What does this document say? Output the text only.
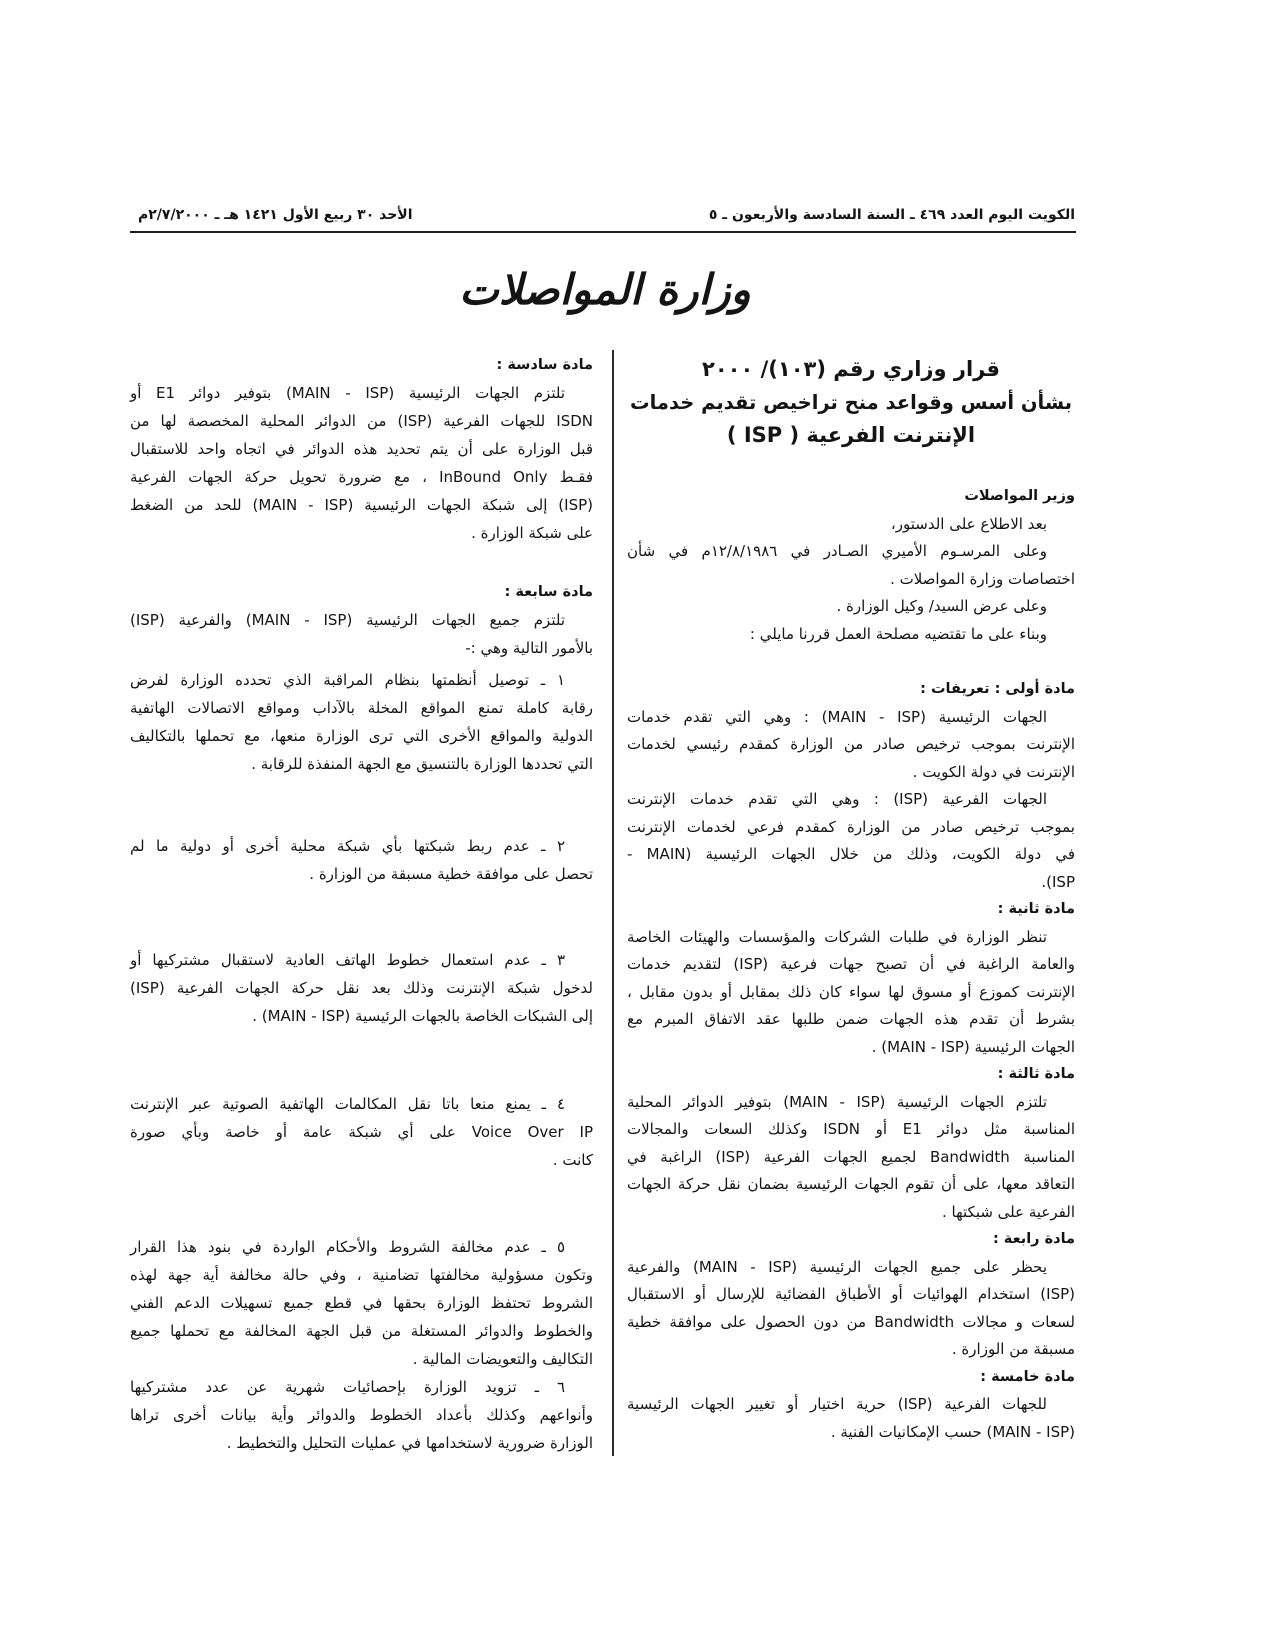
الكويت اليوم العدد ٤٦٩ ـ السنة السادسة والأربعون ـ ٥
الأحد ٣٠ ربيع الأول ١٤٢١ هـ ـ ٢/٧/٢٠٠٠م
وزارة المواصلات
قرار وزاري رقم (١٠٣)/ ٢٠٠٠
بشأن أسس وقواعد منح تراخيص تقديم خدمات
الإنترنت الفرعية ( ISP )
وزير المواصلات
بعد الاطلاع على الدستور،
وعلى المرسـوم الأميري الصـادر في ١٢/٨/١٩٨٦م في شأن
اختصاصات وزارة المواصلات .
وعلى عرض السيد/ وكيل الوزارة .
وبناء على ما تقتضيه مصلحة العمل قررنا مايلي :
مادة أولى : تعريفات :
الجهات الرئيسية (MAIN - ISP) : وهي التي تقدم خدمات
الإنترنت بموجب ترخيص صادر من الوزارة كمقدم رئيسي لخدمات
الإنترنت في دولة الكويت .
الجهات الفرعية (ISP) : وهي التي تقدم خدمات الإنترنت
بموجب ترخيص صادر من الوزارة كمقدم فرعي لخدمات الإنترنت
في دولة الكويت، وذلك من خلال الجهات الرئيسية (MAIN -
ISP).
مادة ثانية :
تنظر الوزارة في طلبات الشركات والمؤسسات والهيئات الخاصة
والعامة الراغبة في أن تصبح جهات فرعية (ISP) لتقديم خدمات
الإنترنت كموزع أو مسوق لها سواء كان ذلك بمقابل أو بدون مقابل ،
بشرط أن تقدم هذه الجهات ضمن طلبها عقد الاتفاق المبرم مع
الجهات الرئيسية (MAIN - ISP) .
مادة ثالثة :
تلتزم الجهات الرئيسية (MAIN - ISP) بتوفير الدوائر المحلية
المناسبة مثل دوائر E1 أو ISDN وكذلك السعات والمجالات
المناسبة Bandwidth لجميع الجهات الفرعية (ISP) الراغبة في
التعاقد معها، على أن تقوم الجهات الرئيسية بضمان نقل حركة الجهات
الفرعية على شبكتها .
مادة رابعة :
يحظر على جميع الجهات الرئيسية (MAIN - ISP) والفرعية
(ISP) استخدام الهوائيات أو الأطباق الفضائية للإرسال أو الاستقبال
لسعات و مجالات Bandwidth من دون الحصول على موافقة خطية
مسبقة من الوزارة .
مادة خامسة :
للجهات الفرعية (ISP) حرية اختيار أو تغيير الجهات الرئيسية
(MAIN - ISP) حسب الإمكانيات الفنية .
مادة سادسة :
تلتزم الجهات الرئيسية (MAIN - ISP) بتوفير دوائر E1 أو
ISDN للجهات الفرعية (ISP) من الدوائر المحلية المخصصة لها من
قبل الوزارة على أن يتم تحديد هذه الدوائر في اتجاه واحد للاستقبال
فقـط InBound Only ، مع ضرورة تحويل حركة الجهات الفرعية
(ISP) إلى شبكة الجهات الرئيسية (MAIN - ISP) للحد من الضغط
على شبكة الوزارة .
مادة سابعة :
تلتزم جميع الجهات الرئيسية (MAIN - ISP) والفرعية (ISP)
بالأمور التالية وهي :-
١ ـ توصيل أنظمتها بنظام المراقبة الذي تحدده الوزارة لفرض
رقابة كاملة تمنع المواقع المخلة بالآداب ومواقع الاتصالات الهاتفية
الدولية والمواقع الأخرى التي ترى الوزارة منعها، مع تحملها بالتكاليف
التي تحددها الوزارة بالتنسيق مع الجهة المنفذة للرقابة .
٢ ـ عدم ربط شبكتها بأي شبكة محلية أخرى أو دولية ما لم
تحصل على موافقة خطية مسبقة من الوزارة .
٣ ـ عدم استعمال خطوط الهاتف العادية لاستقبال مشتركيها أو
لدخول شبكة الإنترنت وذلك بعد نقل حركة الجهات الفرعية (ISP)
إلى الشبكات الخاصة بالجهات الرئيسية (MAIN - ISP) .
٤ ـ يمنع منعا باتا نقل المكالمات الهاتفية الصوتية عبر الإنترنت
Voice Over IP على أي شبكة عامة أو خاصة وبأي صورة
كانت .
٥ ـ عدم مخالفة الشروط والأحكام الواردة في بنود هذا القرار
وتكون مسؤولية مخالفتها تضامنية ، وفي حالة مخالفة أية جهة لهذه
الشروط تحتفظ الوزارة بحقها في قطع جميع تسهيلات الدعم الفني
والخطوط والدوائر المستغلة من قبل الجهة المخالفة مع تحملها جميع
التكاليف والتعويضات المالية .
٦ ـ تزويد الوزارة بإحصائيات شهرية عن عدد مشتركيها
وأنواعهم وكذلك بأعداد الخطوط والدوائر وأية بيانات أخرى تراها
الوزارة ضرورية لاستخدامها في عمليات التحليل والتخطيط .
